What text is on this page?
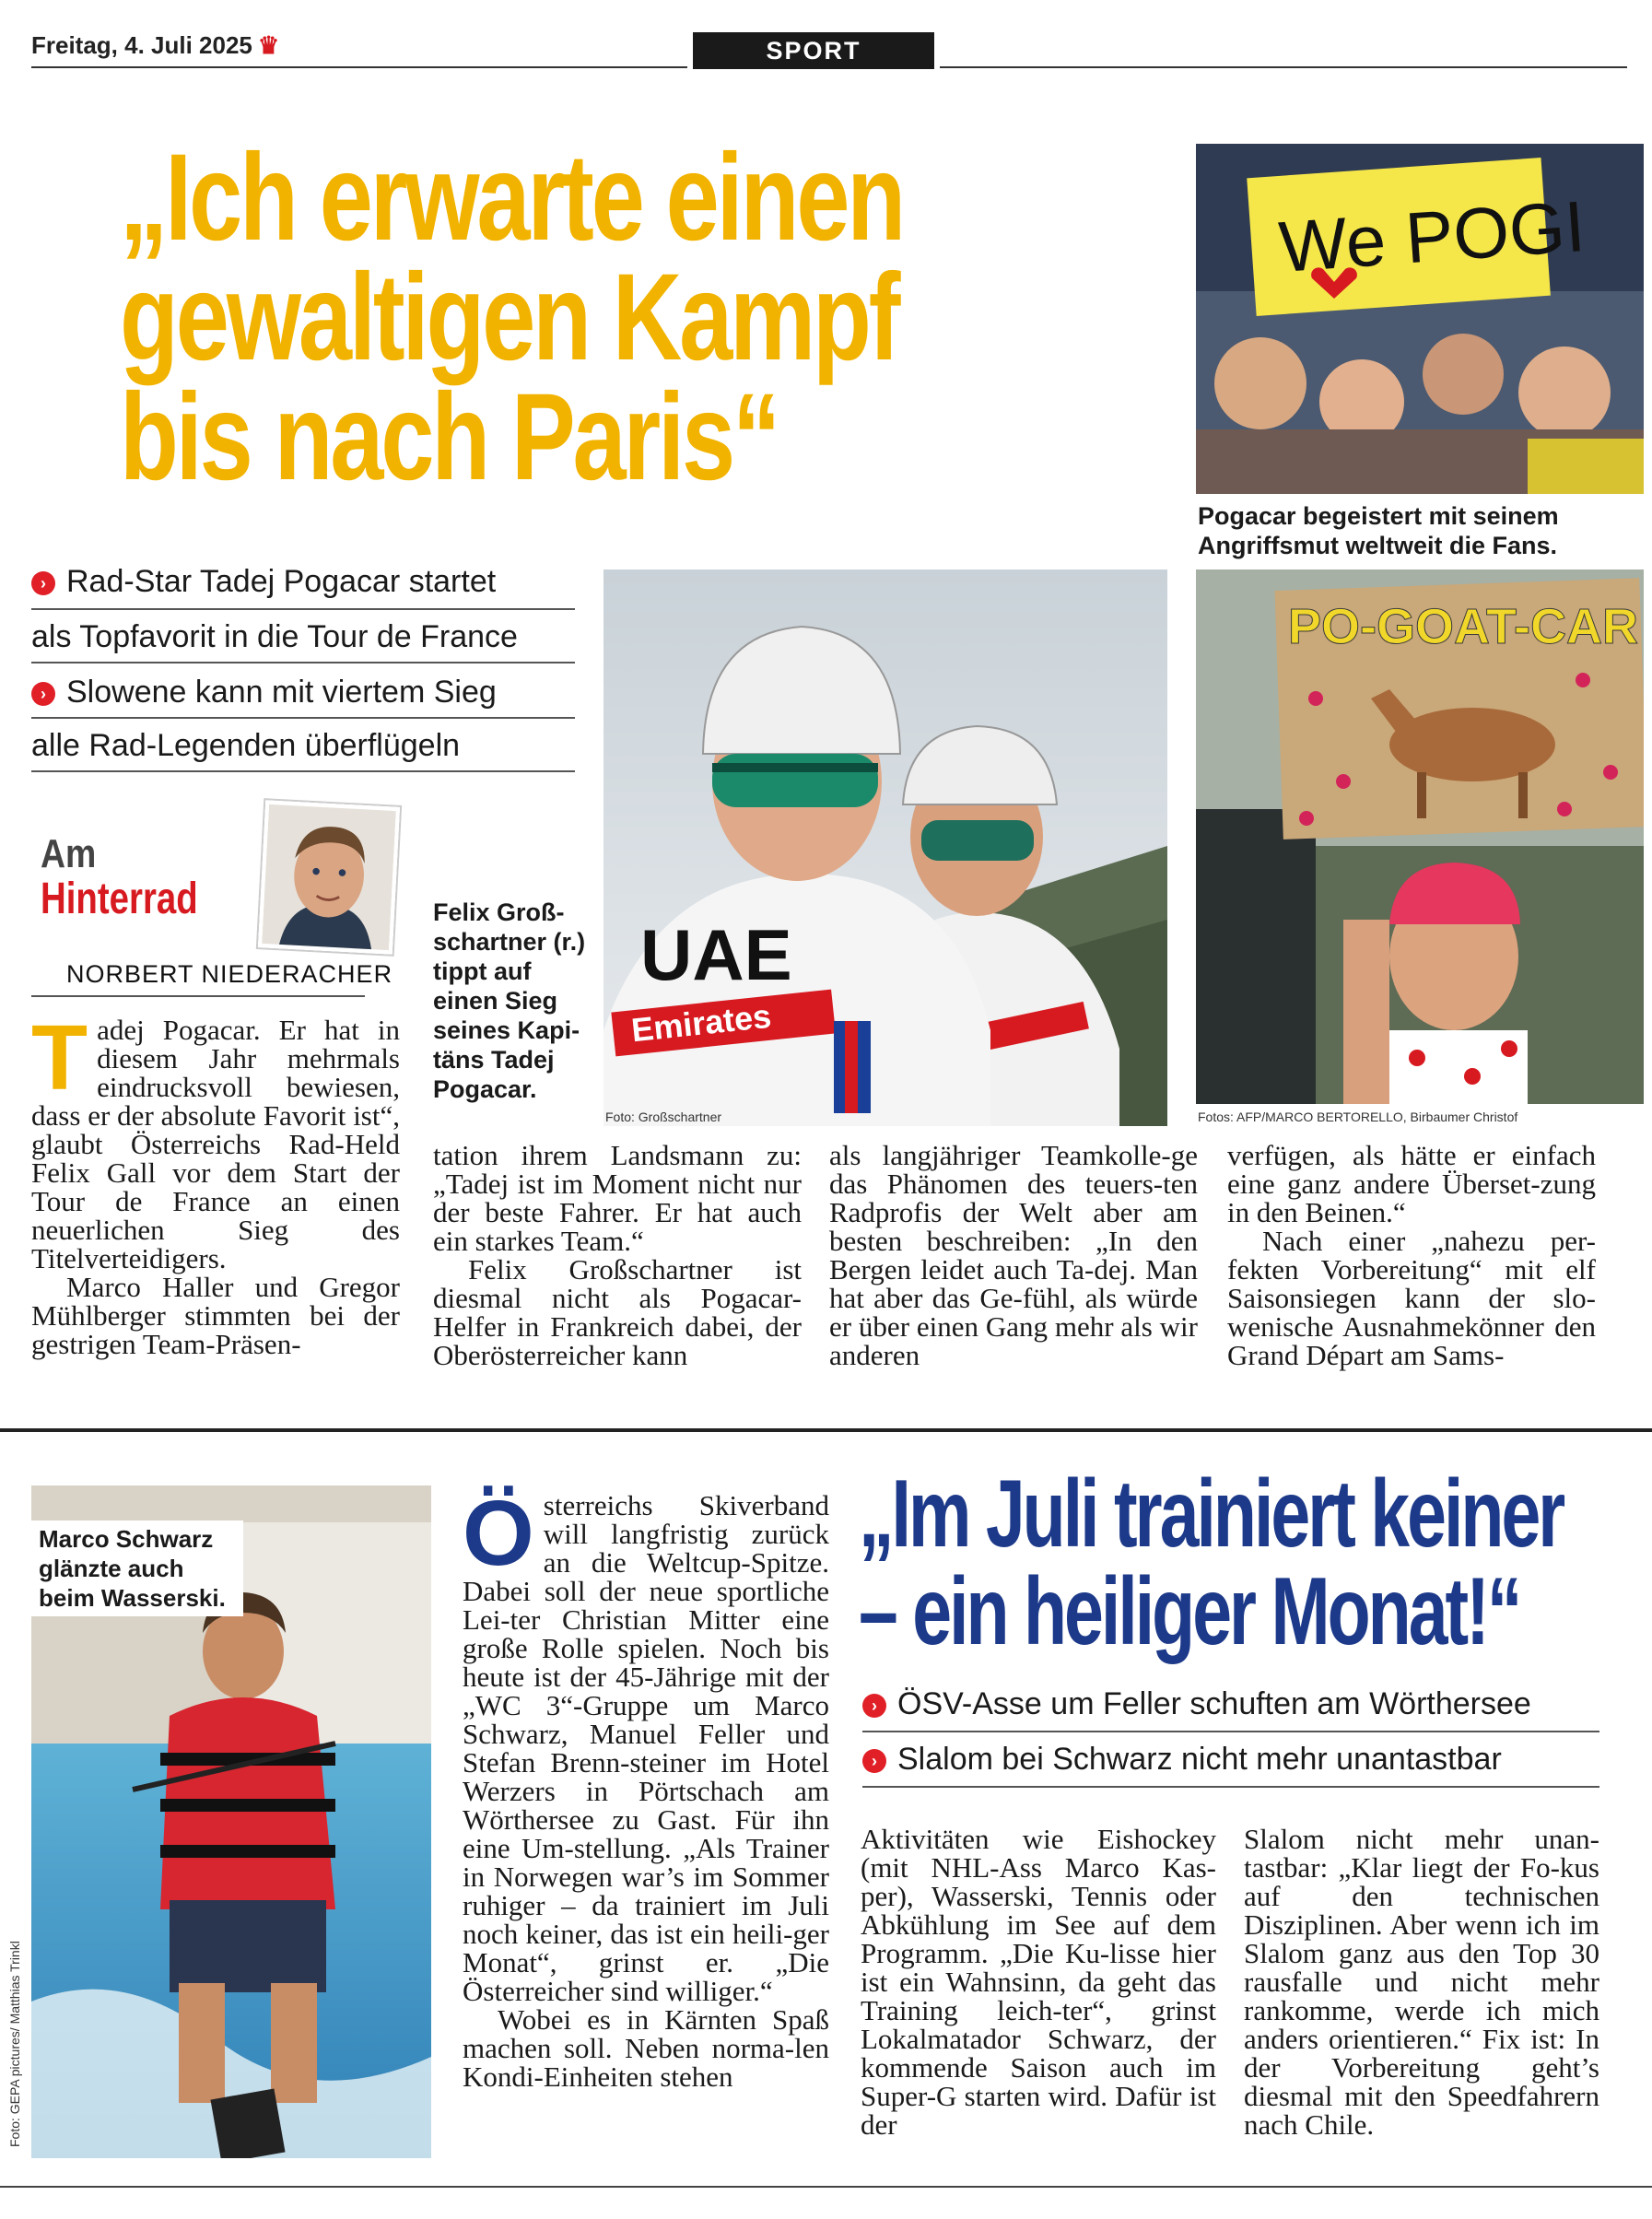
Freitag, 4. Juli 2025 ♛	SPORT
„Ich erwarte einen
gewaltigen Kampf
bis nach Paris“
› Rad-Star Tadej Pogacar startet
als Topfavorit in die Tour de France
› Slowene kann mit viertem Sieg
alle Rad-Legenden überflügeln
Am
Hinterrad
NORBERT NIEDERACHER	UAE
Emirates
Foto: Großschartner
Felix Groß-schartner (r.) tippt auf einen Sieg seines Kapi-täns Tadej Pogacar.
We POGI
Pogacar begeistert mit seinem Angriffsmut weltweit die Fans.
PO-GOAT-CAR
Fotos: AFP/MARCO BERTORELLO, Birbaumer Christof
T adej Pogacar. Er hat in diesem Jahr mehrmals eindrucksvoll bewiesen, dass er der absolute Favorit ist“, glaubt Österreichs Rad-Held Felix Gall vor dem Start der Tour de France an einen neuerlichen Sieg des Titelverteidigers.

Marco Haller und Gregor Mühlberger stimmten bei der gestrigen Team-Präsen-

tation ihrem Landsmann zu: „Tadej ist im Moment nicht nur der beste Fahrer. Er hat auch ein starkes Team.“

Felix Großschartner ist diesmal nicht als Pogacar-Helfer in Frankreich dabei, der Oberösterreicher kann

als langjähriger Teamkolle-ge das Phänomen des teuers-ten Radprofis der Welt aber am besten beschreiben: „In den Bergen leidet auch Ta-dej. Man hat aber das Ge-fühl, als würde er über einen Gang mehr als wir anderen

verfügen, als hätte er einfach eine ganz andere Überset-zung in den Beinen.“

Nach einer „nahezu per-fekten Vorbereitung“ mit elf Saisonsiegen kann der slo-wenische Ausnahmekönner den Grand Départ am Sams-

Marco Schwarz glänzte auch beim Wasserski.
Foto: GEPA pictures/ Matthias Trinkl
Ö sterreichs Skiverband will langfristig zurück an die Weltcup-Spitze. Dabei soll der neue sportliche Lei-ter Christian Mitter eine große Rolle spielen. Noch bis heute ist der 45-Jährige mit der „WC 3“-Gruppe um Marco Schwarz, Manuel Feller und Stefan Brenn-steiner im Hotel Werzers in Pörtschach am Wörthersee zu Gast. Für ihn eine Um-stellung. „Als Trainer in Norwegen war’s im Sommer ruhiger – da trainiert im Juli noch keiner, das ist ein heili-ger Monat“, grinst er. „Die Österreicher sind williger.“

Wobei es in Kärnten Spaß machen soll. Neben norma-len Kondi-Einheiten stehen

„Im Juli trainiert keiner
– ein heiliger Monat!“
› ÖSV-Asse um Feller schuften am Wörthersee
› Slalom bei Schwarz nicht mehr unantastbar

Aktivitäten wie Eishockey (mit NHL-Ass Marco Kas-per), Wasserski, Tennis oder Abkühlung im See auf dem Programm. „Die Ku-lisse hier ist ein Wahnsinn, da geht das Training leich-ter“, grinst Lokalmatador Schwarz, der kommende Saison auch im Super-G starten wird. Dafür ist der

Slalom nicht mehr unan-tastbar: „Klar liegt der Fo-kus auf den technischen Disziplinen. Aber wenn ich im Slalom ganz aus den Top 30 rausfalle und nicht mehr rankomme, werde ich mich anders orientieren.“ Fix ist: In der Vorbereitung geht’s diesmal mit den Speedfahrern nach Chile.
